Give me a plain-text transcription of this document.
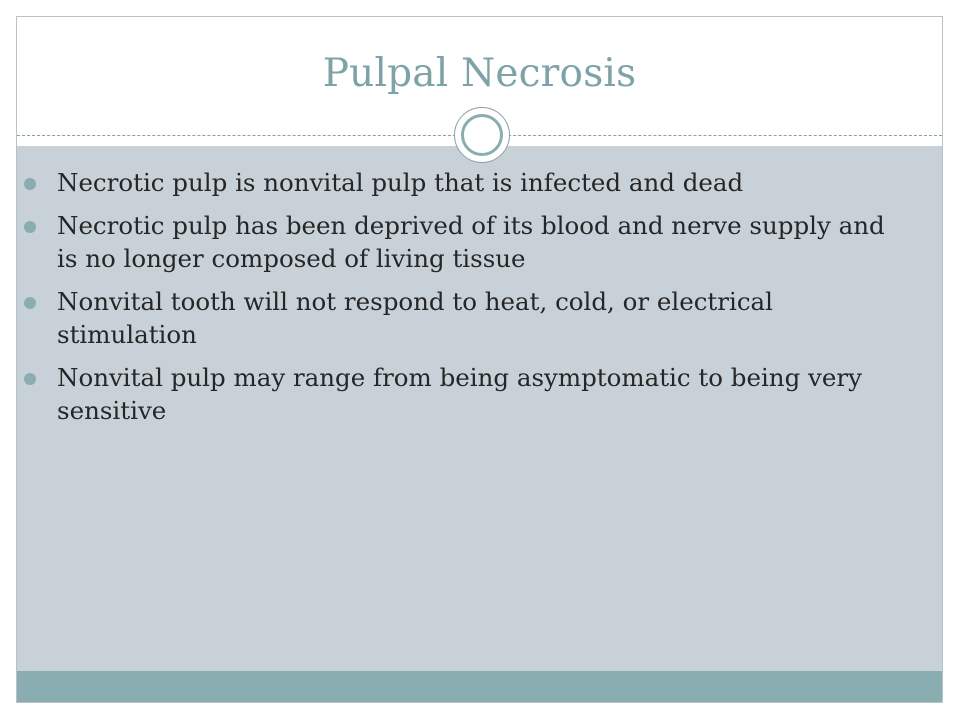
Pulpal Necrosis
Necrotic pulp is nonvital pulp that is infected and dead
Necrotic pulp has been deprived of its blood and nerve supply and is no longer composed of living tissue
Nonvital tooth will not respond to heat, cold, or electrical stimulation
Nonvital pulp may range from being asymptomatic to being very sensitive
